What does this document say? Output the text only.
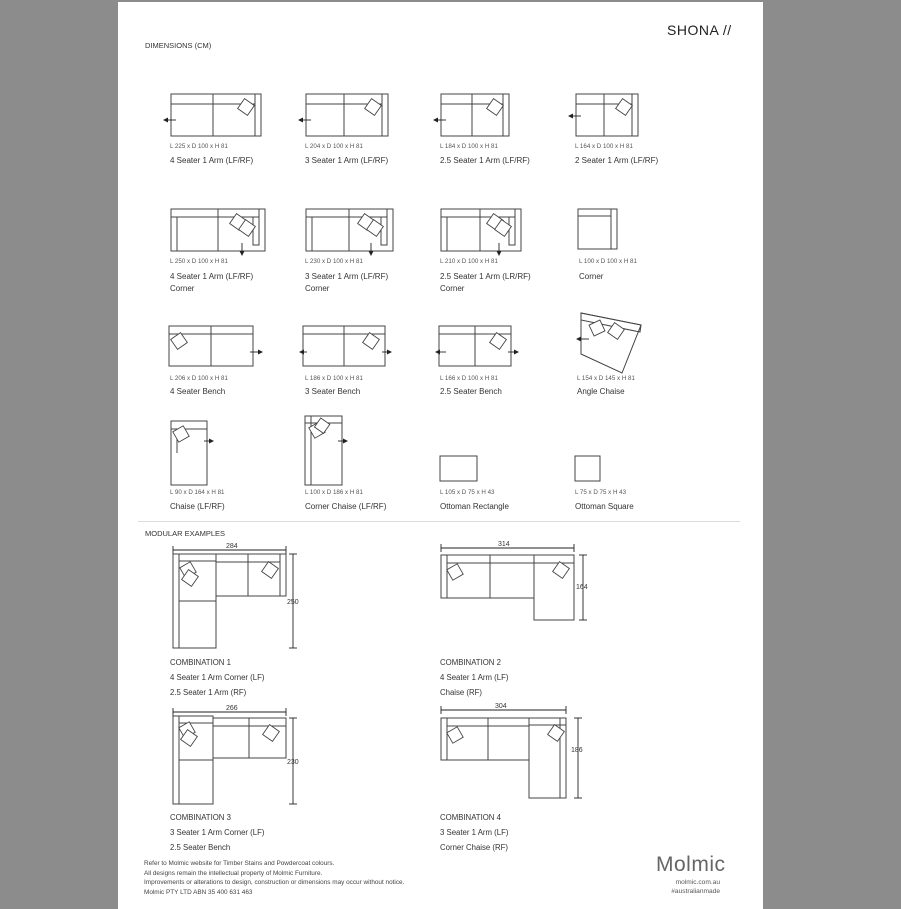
SHONA //
DIMENSIONS (CM)
L 225 x D 100 x H 81
4 Seater 1 Arm (LF/RF)
L 204 x D 100 x H 81
3 Seater 1 Arm (LF/RF)
L 184 x D 100 x H 81
2.5 Seater 1 Arm (LF/RF)
L 164 x D 100 x H 81
2 Seater 1 Arm (LF/RF)
L 250 x D 100 x H 81
4 Seater 1 Arm (LF/RF)
Corner
L 230 x D 100 x H 81
3 Seater 1 Arm (LF/RF)
Corner
L 210 x D 100 x H 81
2.5 Seater 1 Arm (LR/RF)
Corner
L 100 x D 100 x H 81
Corner
L 206 x D 100 x H 81
4 Seater Bench
L 186 x D 100 x H 81
3 Seater Bench
L 166 x D 100 x H 81
2.5 Seater Bench
L 154 x D 145 x H 81
Angle Chaise
L 90 x D 164 x H 81
Chaise (LF/RF)
L 100 x D 186 x H 81
Corner Chaise (LF/RF)
L 105 x D 75 x H 43
Ottoman Rectangle
L 75 x D 75 x H 43
Ottoman Square
MODULAR EXAMPLES
284
250
COMBINATION 1
4 Seater 1 Arm Corner (LF)
2.5 Seater 1 Arm (RF)
314
164
COMBINATION 2
4 Seater 1 Arm (LF)
Chaise (RF)
266
230
COMBINATION 3
3 Seater 1 Arm Corner (LF)
2.5 Seater Bench
304
186
COMBINATION 4
3 Seater 1 Arm (LF)
Corner Chaise (RF)
Refer to Molmic website for Timber Stains and Powdercoat colours.
All designs remain the intellectual property of Molmic Furniture.
Improvements or alterations to design, construction or dimensions may occur without notice.
Molmic PTY LTD ABN 35 400 631 463
Molmic
molmic.com.au
#australianmade
